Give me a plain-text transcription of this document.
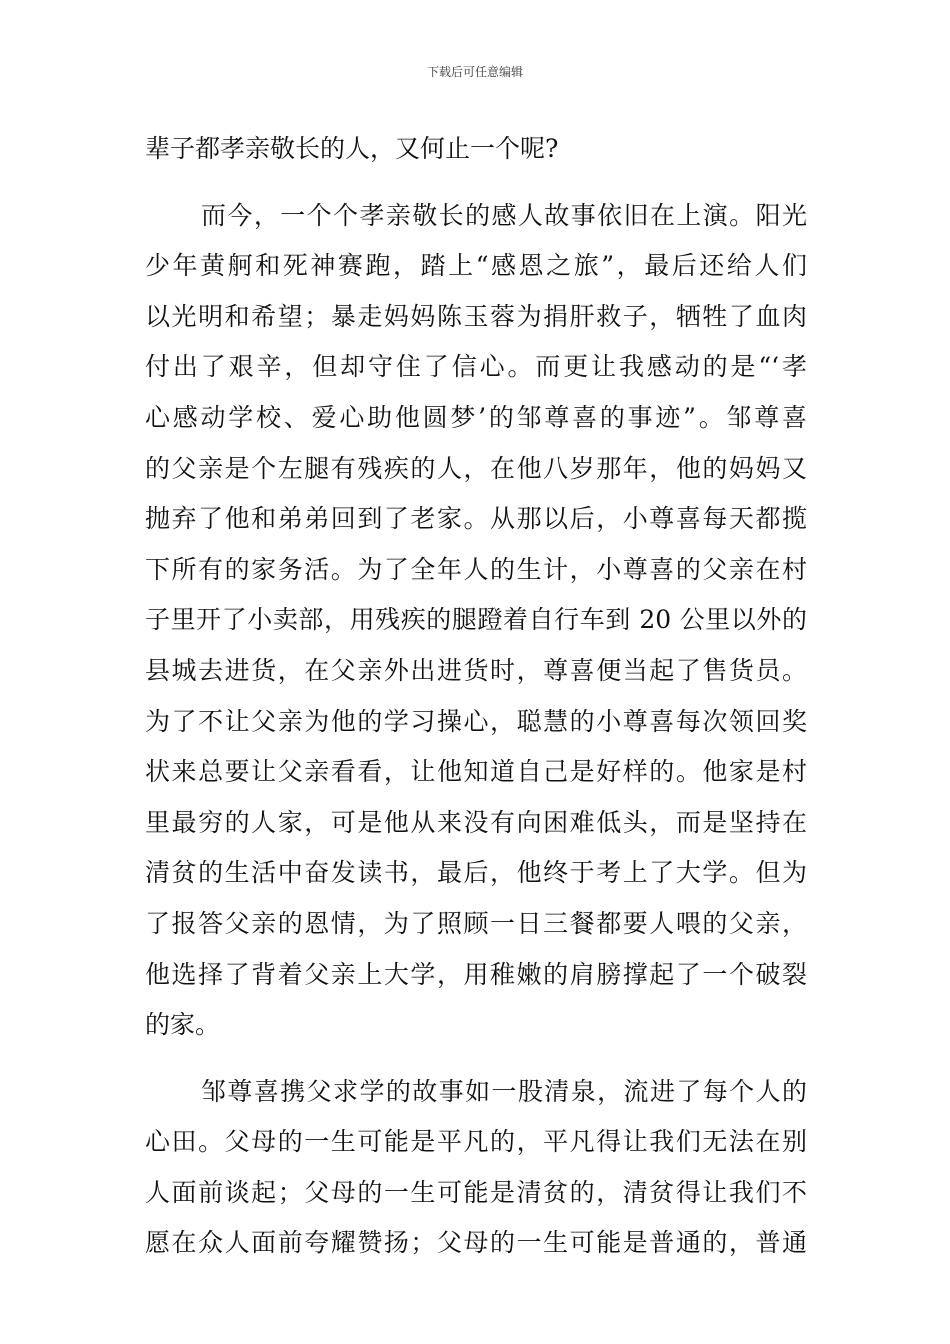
下载后可任意编辑
辈子都孝亲敬长的人，又何止一个呢?
而今，一个个孝亲敬长的感人故事依旧在上演。阳光
少年黄舸和死神赛跑，踏上“感恩之旅”，最后还给人们
以光明和希望；暴走妈妈陈玉蓉为捐肝救子，牺牲了血肉
付出了艰辛，但却守住了信心。而更让我感动的是“‘孝
心感动学校、爱心助他圆梦’的邹尊喜的事迹”。邹尊喜
的父亲是个左腿有残疾的人，在他八岁那年，他的妈妈又
抛弃了他和弟弟回到了老家。从那以后，小尊喜每天都揽
下所有的家务活。为了全年人的生计，小尊喜的父亲在村
子里开了小卖部，用残疾的腿蹬着自行车到 20 公里以外的
县城去进货，在父亲外出进货时，尊喜便当起了售货员。
为了不让父亲为他的学习操心，聪慧的小尊喜每次领回奖
状来总要让父亲看看，让他知道自己是好样的。他家是村
里最穷的人家，可是他从来没有向困难低头，而是坚持在
清贫的生活中奋发读书，最后，他终于考上了大学。但为
了报答父亲的恩情，为了照顾一日三餐都要人喂的父亲，
他选择了背着父亲上大学，用稚嫩的肩膀撑起了一个破裂
的家。
邹尊喜携父求学的故事如一股清泉，流进了每个人的
心田。父母的一生可能是平凡的，平凡得让我们无法在别
人面前谈起；父母的一生可能是清贫的，清贫得让我们不
愿在众人面前夸耀赞扬；父母的一生可能是普通的，普通
